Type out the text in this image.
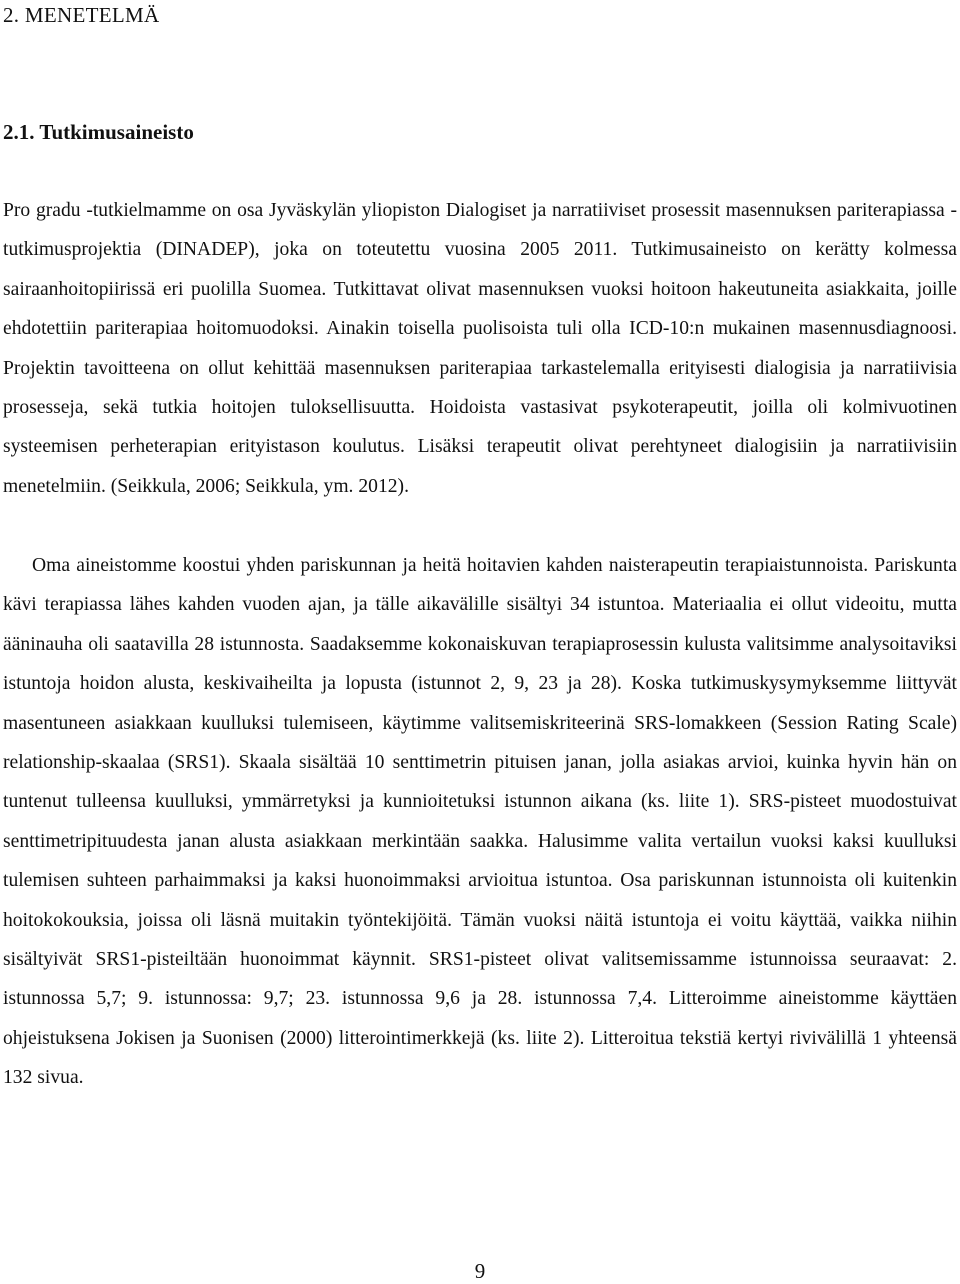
2. MENETELMÄ
2.1. Tutkimusaineisto

Pro gradu -tutkielmamme on osa Jyväskylän yliopiston Dialogiset ja narratiiviset prosessit masennuksen pariterapiassa -tutkimusprojektia (DINADEP), joka on toteutettu vuosina 2005 2011. Tutkimusaineisto on kerätty kolmessa sairaanhoitopiirissä eri puolilla Suomea. Tutkittavat olivat masennuksen vuoksi hoitoon hakeutuneita asiakkaita, joille ehdotettiin pariterapiaa hoitomuodoksi. Ainakin toisella puolisoista tuli olla ICD-10:n mukainen masennusdiagnoosi. Projektin tavoitteena on ollut kehittää masennuksen pariterapiaa tarkastelemalla erityisesti dialogisia ja narratiivisia prosesseja, sekä tutkia hoitojen tuloksellisuutta. Hoidoista vastasivat psykoterapeutit, joilla oli kolmivuotinen systeemisen perheterapian erityistason koulutus. Lisäksi terapeutit olivat perehtyneet dialogisiin ja narratiivisiin menetelmiin. (Seikkula, 2006; Seikkula, ym. 2012).

Oma aineistomme koostui yhden pariskunnan ja heitä hoitavien kahden naisterapeutin terapiaistunnoista. Pariskunta kävi terapiassa lähes kahden vuoden ajan, ja tälle aikavälille sisältyi 34 istuntoa. Materiaalia ei ollut videoitu, mutta ääninauha oli saatavilla 28 istunnosta. Saadaksemme kokonaiskuvan terapiaprosessin kulusta valitsimme analysoitaviksi istuntoja hoidon alusta, keskivaiheilta ja lopusta (istunnot 2, 9, 23 ja 28). Koska tutkimuskysymyksemme liittyvät masentuneen asiakkaan kuulluksi tulemiseen, käytimme valitsemiskriteerinä SRS-lomakkeen (Session Rating Scale) relationship-skaalaa (SRS1). Skaala sisältää 10 senttimetrin pituisen janan, jolla asiakas arvioi, kuinka hyvin hän on tuntenut tulleensa kuulluksi, ymmärretyksi ja kunnioitetuksi istunnon aikana (ks. liite 1). SRS-pisteet muodostuivat senttimetripituudesta janan alusta asiakkaan merkintään saakka. Halusimme valita vertailun vuoksi kaksi kuulluksi tulemisen suhteen parhaimmaksi ja kaksi huonoimmaksi arvioitua istuntoa. Osa pariskunnan istunnoista oli kuitenkin hoitokokouksia, joissa oli läsnä muitakin työntekijöitä. Tämän vuoksi näitä istuntoja ei voitu käyttää, vaikka niihin sisältyivät SRS1-pisteiltään huonoimmat käynnit. SRS1-pisteet olivat valitsemissamme istunnoissa seuraavat: 2. istunnossa 5,7; 9. istunnossa: 9,7; 23. istunnossa 9,6 ja 28. istunnossa 7,4. Litteroimme aineistomme käyttäen ohjeistuksena Jokisen ja Suonisen (2000) litterointimerkkejä (ks. liite 2). Litteroitua tekstiä kertyi rivivälillä 1 yhteensä 132 sivua.

9
